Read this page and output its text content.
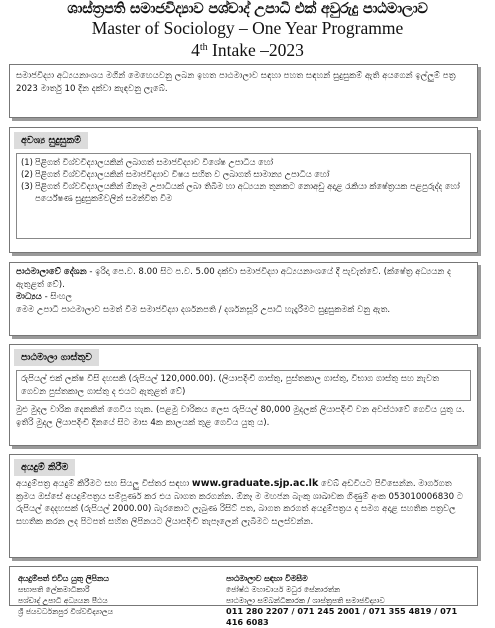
ශාස්ත්‍රපති සමාජවිද්‍යාව පශ්චාද් උපාධි එක් අවුරුදු පාඨමාලාව
Master of Sociology – One Year Programme
4th Intake –2023
සමාජවිද්‍යා අධ්‍යයනාංශය මගින් මෙහෙයවනු ලබන ඉහත පාඨමාලාව සඳහා පහත සඳහන් සුදුසුකම් ඇති අයගෙන් ඉල්ලුම් පත්‍ර 2023 මාර්තු 10 දින දක්වා කැඳවනු ලැබේ.
අවශ්‍ය සුදුසුකම්
(1) පිළිගත් විශ්වවිද්‍යාලයකින් ලබාගත් සමාජවිද්‍යාව විශේෂ උපාධිය හෝ
(2) පිළිගත් විශ්වවිද්‍යාලයකින් සමාජවිද්‍යාව විෂය සහිත ව ලබාගත් සාමාන්‍ය උපාධිය හෝ
(3) පිළිගත් විශ්වවිද්‍යාලයකින් ඕනෑම උපාධියක් ලබා තිබීම හා අධ්‍යයන තුනකට නොඅඩු අදාළ රැකියා ක්ෂේත්‍රයක පළපුරුද්ද හෝ පර්යේෂණ සුදුසුකම්වලින් සමන්විත වීම
පාඨමාලාවේ දේශන - ඉරිදා පෙ.ව. 8.00 සිට ප.ව. 5.00 දක්වා සමාජවිද්‍යා අධ්‍යයනාංශයේ දී පැවැත්වේ. (ක්ෂේත්‍ර අධ්‍යයන ද ඇතුළත් වේ).
මාධ්‍යය - සිංහල
මෙම උපාධි පාඨමාලාව සමත් වීම සමාජවිද්‍යා දර්ශනපති / දර්ශනසූරි උපාධි හැදෑරීමට සුදුසුකමක් වනු ඇත.
පාඨමාලා ගාස්තුව
රුපියල් එක් ලක්ෂ විසි දහසකි (රුපියල් 120,000.00). (ලියාපදිංචි ගාස්තු, පුස්තකාල ගාස්තු, විභාග ගාස්තු සහ නැවත ගෙවන පුස්තකාල ගාස්තු ද එයට ඇතුළත් වේ)
මුළු මුදල වාරික දෙකකින් ගෙවිය හැක. (පළමු වාරිකය ලෙස රුපියල් 80,000 මුදලක් ලියාපදිංචි වන අවස්ථාවේ ගෙවිය යුතු ය. ඉතිරි මුදල ලියාපදිංචි දිනයේ සිට මාස 4ක කාලයක් තුළ ගෙවිය යුතු ය).
අයදුම් කිරීම
අයදුම්පත්‍ර අයදුම් කිරීමට සහ සියලු විස්තර සඳහා www.graduate.sjp.ac.lk වෙබ් අඩවියට පිවිසෙන්න. මාර්ගගත ක්‍රමය ඔස්සේ අයදුම්පත්‍රය සම්පූර්ණ කර එය බාගත කරගන්න. ඕනෑ ම මහජන බැංකු ශාඛාවක ගිණුම් අංක 053010006830 ට රුපියල් දෙදහසක් (රුපියල් 2000.00) බැරකොට ලැබුණ රිසිට් පත, බාගත කරගත් අයදුම්පත්‍රය ද සමග අදාළ සහතික පත්‍රවල සහතික කරන ලද පිටපත් සහිත ලිපිනයට ලියාපදිංචි තැපෑලෙන් ලැබීමට සලස්වන්න.
අයදුම්පත් එවිය යුතු ලිපිනය
සභාපති ලේකමාධිකාරී
පශ්චාද් උපාධි අධ්‍යයන පීඨය
ශ්‍රී ජයවර්ධනපුර විශ්වවිද්‍යාලය
පාඨමාලාව සඳහා විමසීම
ජෝෂ්ඨ මහාචාර්ය මධුර සේනාරත්න
පාඨමාලා සම්බන්ධීකාරක / ශාස්ත්‍රපති සමාජවිද්‍යාව
011 280 2207 / 071 245 2001 / 071 355 4819 / 071 416 6083
